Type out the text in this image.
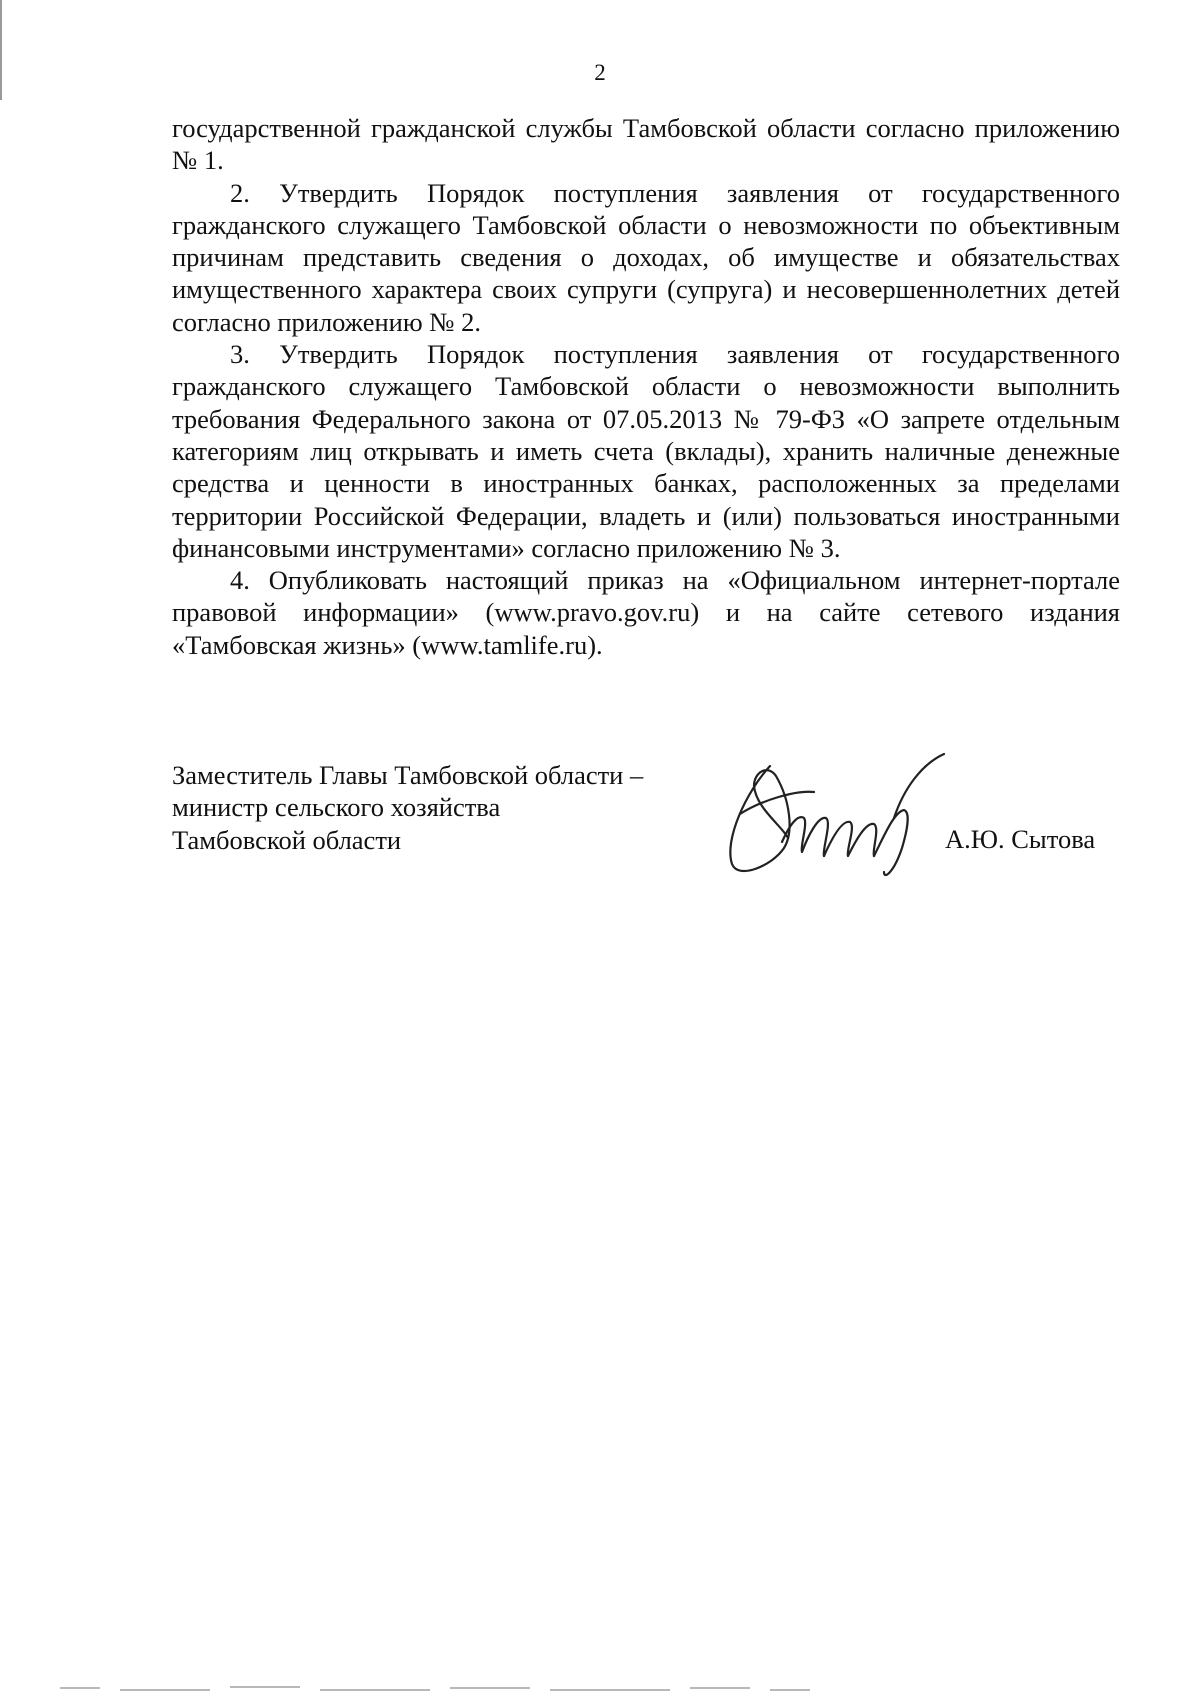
2

государственной гражданской службы Тамбовской области согласно приложению № 1.

2. Утвердить Порядок поступления заявления от государственного гражданского служащего Тамбовской области о невозможности по объективным причинам представить сведения о доходах, об имуществе и обязательствах имущественного характера своих супруги (супруга) и несовершеннолетних детей согласно приложению № 2.

3. Утвердить Порядок поступления заявления от государственного гражданского служащего Тамбовской области о невозможности выполнить требования Федерального закона от 07.05.2013 № 79-ФЗ «О запрете отдельным категориям лиц открывать и иметь счета (вклады), хранить наличные денежные средства и ценности в иностранных банках, расположенных за пределами территории Российской Федерации, владеть и (или) пользоваться иностранными финансовыми инструментами» согласно приложению № 3.

4. Опубликовать настоящий приказ на «Официальном интернет-портале правовой информации» (www.pravo.gov.ru) и на сайте сетевого издания «Тамбовская жизнь» (www.tamlife.ru).

Заместитель Главы Тамбовской области –
министр сельского хозяйства
Тамбовской области	А.Ю. Сытова
